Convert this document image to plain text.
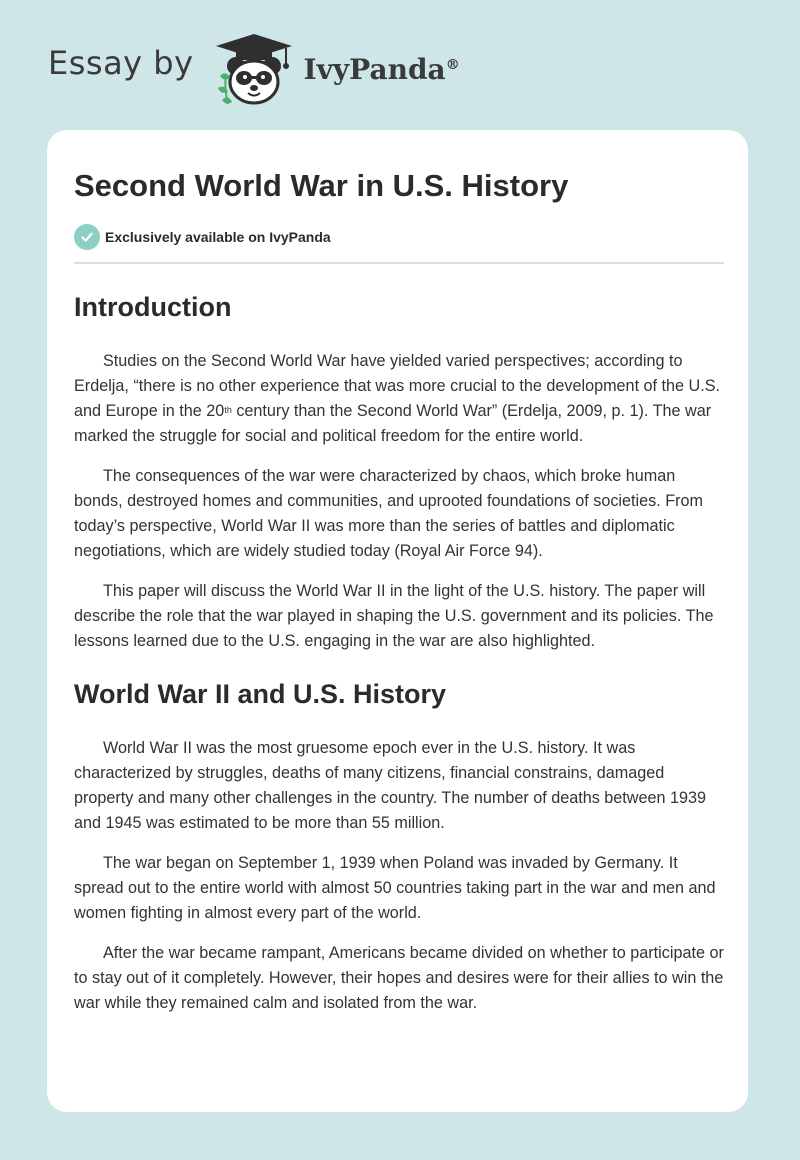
Essay by	IvyPanda®
Second World War in U.S. History
Exclusively available on IvyPanda
Introduction

Studies on the Second World War have yielded varied perspectives; according to Erdelja, “there is no other experience that was more crucial to the development of the U.S. and Europe in the 20th century than the Second World War” (Erdelja, 2009, p. 1). The war marked the struggle for social and political freedom for the entire world.

The consequences of the war were characterized by chaos, which broke human bonds, destroyed homes and communities, and uprooted foundations of societies. From today’s perspective, World War II was more than the series of battles and diplomatic negotiations, which are widely studied today (Royal Air Force 94).

This paper will discuss the World War II in the light of the U.S. history. The paper will describe the role that the war played in shaping the U.S. government and its policies. The lessons learned due to the U.S. engaging in the war are also highlighted.

World War II and U.S. History

World War II was the most gruesome epoch ever in the U.S. history. It was characterized by struggles, deaths of many citizens, financial constrains, damaged property and many other challenges in the country. The number of deaths between 1939 and 1945 was estimated to be more than 55 million.

The war began on September 1, 1939 when Poland was invaded by Germany. It spread out to the entire world with almost 50 countries taking part in the war and men and women fighting in almost every part of the world.

After the war became rampant, Americans became divided on whether to participate or to stay out of it completely. However, their hopes and desires were for their allies to win the war while they remained calm and isolated from the war.
